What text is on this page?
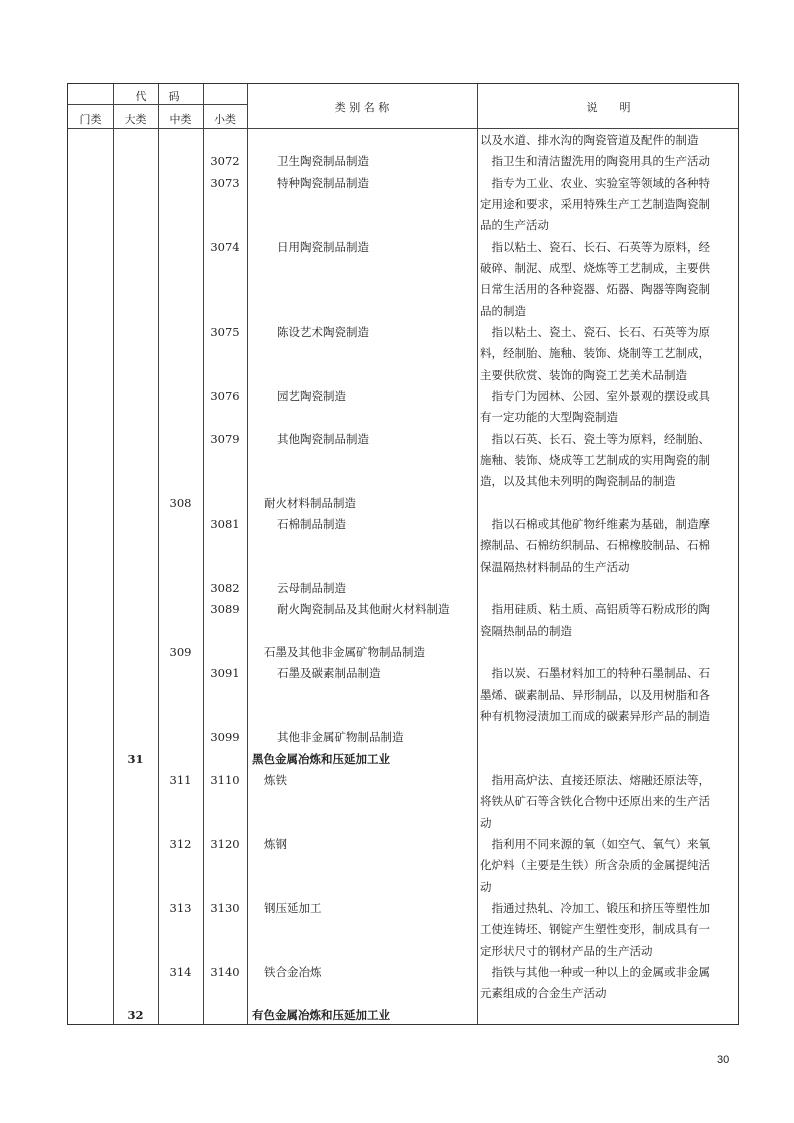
代　　码
门类	大类	中类	小类
类 别 名 称	说　　明
以及水道、排水沟的陶瓷管道及配件的制造
3072	卫生陶瓷制品制造	指卫生和清洁盥洗用的陶瓷用具的生产活动
3073	特种陶瓷制品制造	指专为工业、农业、实验室等领域的各种特
定用途和要求，采用特殊生产工艺制造陶瓷制
品的生产活动
3074	日用陶瓷制品制造	指以粘土、瓷石、长石、石英等为原料，经
破碎、制泥、成型、烧炼等工艺制成，主要供
日常生活用的各种瓷器、炻器、陶器等陶瓷制
品的制造
3075	陈设艺术陶瓷制造	指以粘土、瓷土、瓷石、长石、石英等为原
料，经制胎、施釉、装饰、烧制等工艺制成，
主要供欣赏、装饰的陶瓷工艺美术品制造
3076	园艺陶瓷制造	指专门为园林、公园、室外景观的摆设或具
有一定功能的大型陶瓷制造
3079	其他陶瓷制品制造	指以石英、长石、瓷土等为原料，经制胎、
施釉、装饰、烧成等工艺制成的实用陶瓷的制
造，以及其他未列明的陶瓷制品的制造
308	耐火材料制品制造
3081	石棉制品制造	指以石棉或其他矿物纤维素为基础，制造摩
擦制品、石棉纺织制品、石棉橡胶制品、石棉
保温隔热材料制品的生产活动
3082	云母制品制造
3089	耐火陶瓷制品及其他耐火材料制造	指用硅质、粘土质、高铝质等石粉成形的陶
瓷隔热制品的制造
309	石墨及其他非金属矿物制品制造
3091	石墨及碳素制品制造	指以炭、石墨材料加工的特种石墨制品、石
墨烯、碳素制品、异形制品，以及用树脂和各
种有机物浸渍加工而成的碳素异形产品的制造
3099	其他非金属矿物制品制造
31	黑色金属冶炼和压延加工业
311	3110	炼铁	指用高炉法、直接还原法、熔融还原法等，
将铁从矿石等含铁化合物中还原出来的生产活
动
312	3120	炼钢	指利用不同来源的氧（如空气、氧气）来氧
化炉料（主要是生铁）所含杂质的金属提纯活
动
313	3130	钢压延加工	指通过热轧、冷加工、锻压和挤压等塑性加
工使连铸坯、钢锭产生塑性变形，制成具有一
定形状尺寸的钢材产品的生产活动
314	3140	铁合金冶炼	指铁与其他一种或一种以上的金属或非金属
元素组成的合金生产活动
32	有色金属冶炼和压延加工业
30
